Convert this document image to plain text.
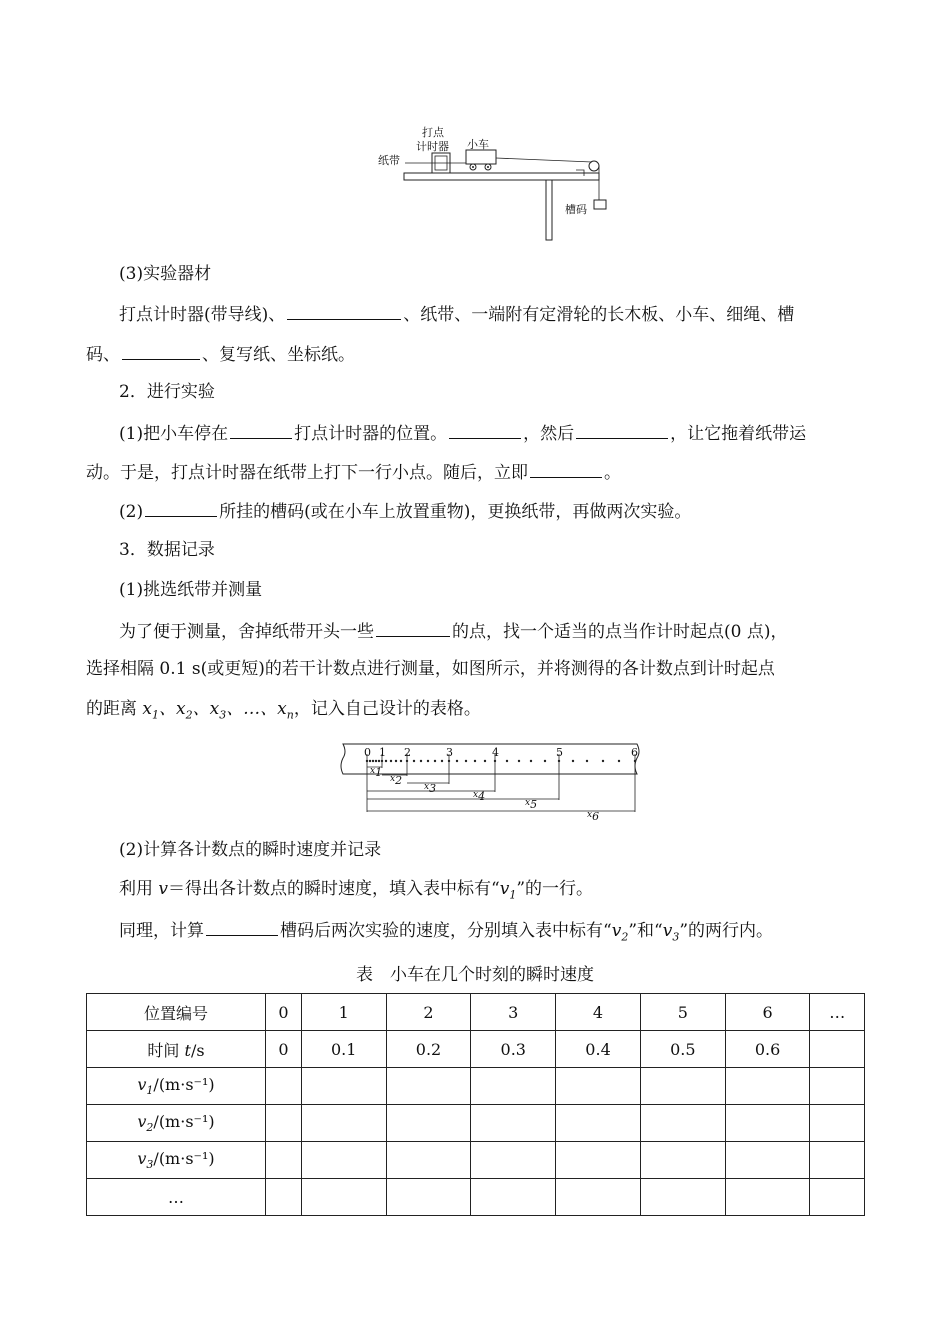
打点
计时器 小车
纸带
槽码
(3)实验器材
打点计时器(带导线)、	、纸带、一端附有定滑轮的长木板、小车、细绳、槽
码、	、复写纸、坐标纸。
2．进行实验
(1)把小车停在	打点计时器的位置。	，然后	，让它拖着纸带运
动。于是，打点计时器在纸带上打下一行小点。随后，立即	。
(2)	所挂的槽码(或在小车上放置重物)，更换纸带，再做两次实验。
3．数据记录
(1)挑选纸带并测量
为了便于测量，舍掉纸带开头一些	的点，找一个适当的点当作计时起点(0 点)，
选择相隔 0.1 s(或更短)的若干计数点进行测量，如图所示，并将测得的各计数点到计时起点
的距离 $x_1$、$x_2$、$x_3$、…、$x_n$，记入自己设计的表格。
0 1 2	3	4	5	6
$x_1$
$x_2$
$x_3$
$x_4$
$x_5$
$x_6$
(2)计算各计数点的瞬时速度并记录
利用 v＝得出各计数点的瞬时速度，填入表中标有“$v_1$”的一行。
同理，计算	槽码后两次实验的速度，分别填入表中标有“$v_2$”和“$v_3$”的两行内。
表　小车在几个时刻的瞬时速度
位置编号	0	1	2	3	4	5	6	…
时间 t/s	0	0.1	0.2	0.3	0.4	0.5	0.6	
$v_1/(m\cdot s^{-1})$								
$v_2/(m\cdot s^{-1})$								
$v_3/(m\cdot s^{-1})$								
…								
